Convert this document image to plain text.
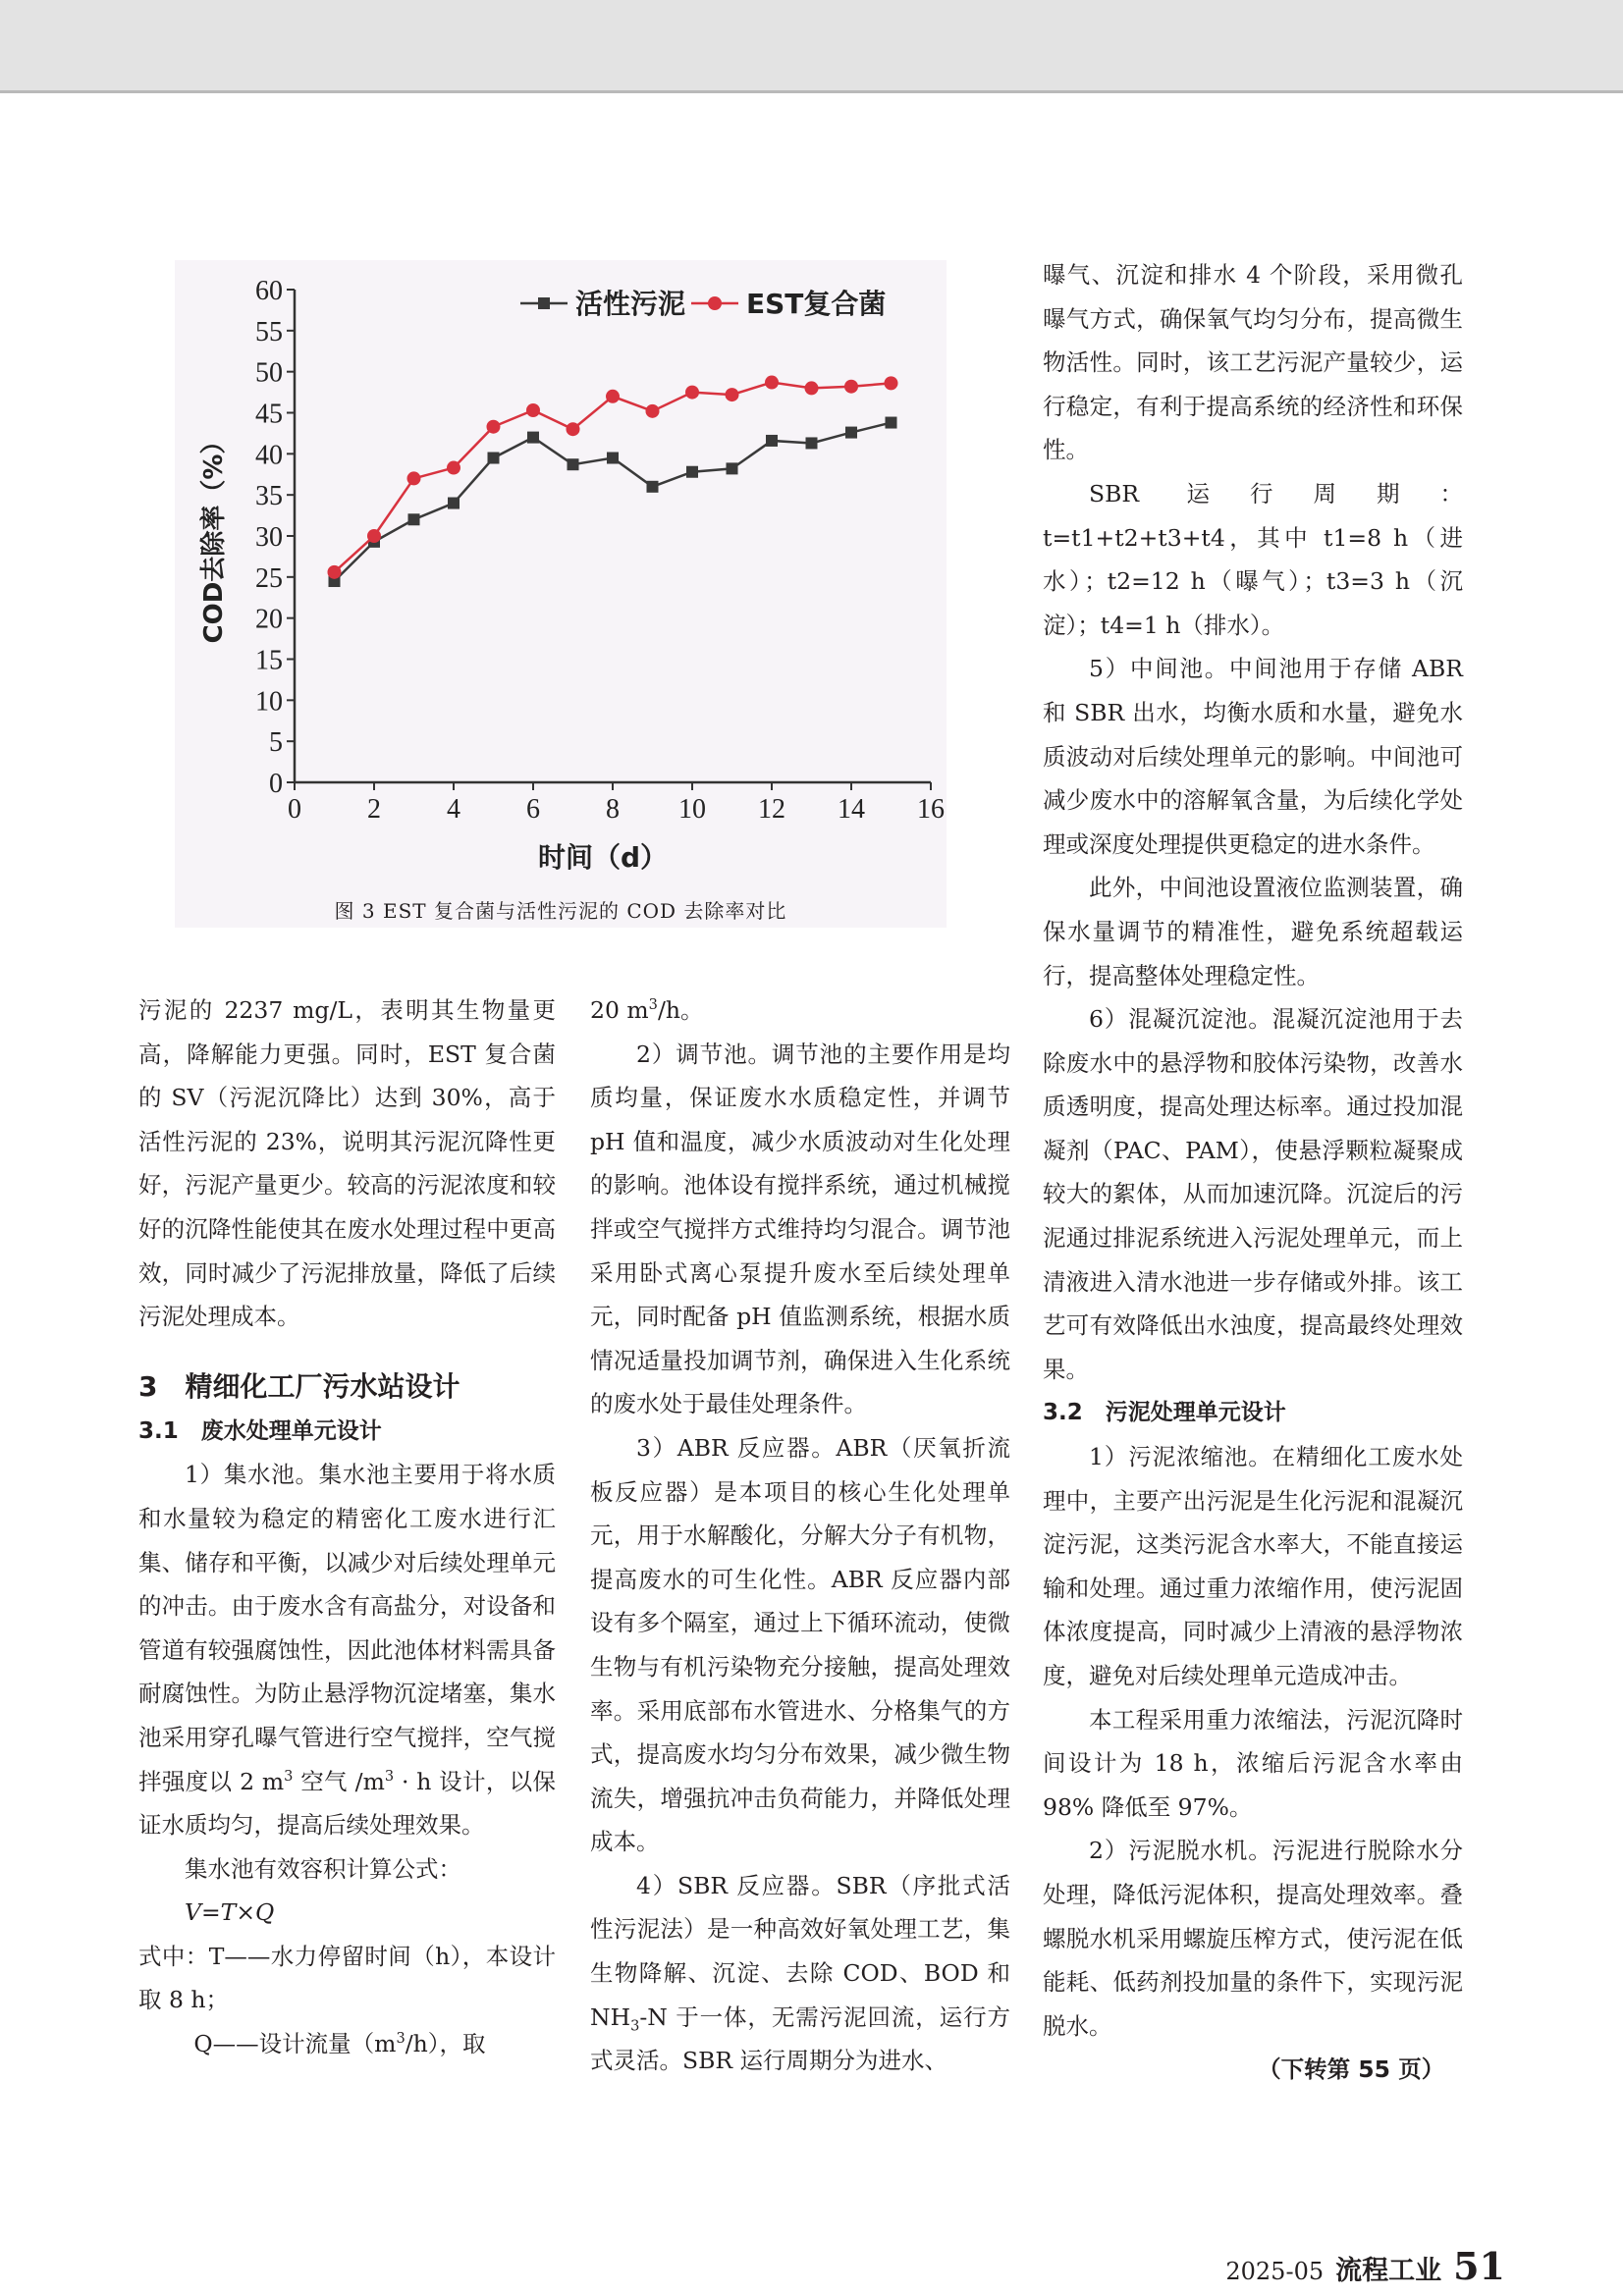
0
5
10
15
20
25
30
35
40
45
50
55
60
0 2 4 6 8 10 12 14 16
时间（d）
COD去除率（%）
活性污泥 EST复合菌
图 3 EST 复合菌与活性污泥的 COD 去除率对比

污泥的 2237 mg/L，表明其生物量更高，降解能力更强。同时，EST 复合菌的 SV（污泥沉降比）达到 30%，高于活性污泥的 23%，说明其污泥沉降性更好，污泥产量更少。较高的污泥浓度和较好的沉降性能使其在废水处理过程中更高效，同时减少了污泥排放量，降低了后续污泥处理成本。

3　精细化工厂污水站设计

3.1　废水处理单元设计

1）集水池。集水池主要用于将水质和水量较为稳定的精密化工废水进行汇集、储存和平衡，以减少对后续处理单元的冲击。由于废水含有高盐分，对设备和管道有较强腐蚀性，因此池体材料需具备耐腐蚀性。为防止悬浮物沉淀堵塞，集水池采用穿孔曝气管进行空气搅拌，空气搅拌强度以 2 $m^3$ 空气 $/m^3 \cdot h$ 设计，以保证水质均匀，提高后续处理效果。

集水池有效容积计算公式：

V=T×Q

式中：T——水力停留时间（h），本设计取 8 h；

Q——设计流量$(m^3/h)$，取

20 $m^3/h$。

2）调节池。调节池的主要作用是均质均量，保证废水水质稳定性，并调节 pH 值和温度，减少水质波动对生化处理的影响。池体设有搅拌系统，通过机械搅拌或空气搅拌方式维持均匀混合。调节池采用卧式离心泵提升废水至后续处理单元，同时配备 pH 值监测系统，根据水质情况适量投加调节剂，确保进入生化系统的废水处于最佳处理条件。

3）ABR 反应器。ABR（厌氧折流板反应器）是本项目的核心生化处理单元，用于水解酸化，分解大分子有机物，提高废水的可生化性。ABR 反应器内部设有多个隔室，通过上下循环流动，使微生物与有机污染物充分接触，提高处理效率。采用底部布水管进水、分格集气的方式，提高废水均匀分布效果，减少微生物流失，增强抗冲击负荷能力，并降低处理成本。

4）SBR 反应器。SBR（序批式活性污泥法）是一种高效好氧处理工艺，集生物降解、沉淀、去除 COD、BOD 和 $NH_3-N$ 于一体，无需污泥回流，运行方式灵活。SBR 运行周期分为进水、

曝气、沉淀和排水 4 个阶段，采用微孔曝气方式，确保氧气均匀分布，提高微生物活性。同时，该工艺污泥产量较少，运行稳定，有利于提高系统的经济性和环保性。

SBR 运行周期：t=t1+t2+t3+t4，其中 t1=8 h（进水）；t2=12 h（曝气）；t3=3 h（沉淀）；t4=1 h（排水）。

5）中间池。中间池用于存储 ABR 和 SBR 出水，均衡水质和水量，避免水质波动对后续处理单元的影响。中间池可减少废水中的溶解氧含量，为后续化学处理或深度处理提供更稳定的进水条件。

此外，中间池设置液位监测装置，确保水量调节的精准性，避免系统超载运行，提高整体处理稳定性。

6）混凝沉淀池。混凝沉淀池用于去除废水中的悬浮物和胶体污染物，改善水质透明度，提高处理达标率。通过投加混凝剂（PAC、PAM），使悬浮颗粒凝聚成较大的絮体，从而加速沉降。沉淀后的污泥通过排泥系统进入污泥处理单元，而上清液进入清水池进一步存储或外排。该工艺可有效降低出水浊度，提高最终处理效果。

3.2　污泥处理单元设计

1）污泥浓缩池。在精细化工废水处理中，主要产出污泥是生化污泥和混凝沉淀污泥，这类污泥含水率大，不能直接运输和处理。通过重力浓缩作用，使污泥固体浓度提高，同时减少上清液的悬浮物浓度，避免对后续处理单元造成冲击。

本工程采用重力浓缩法，污泥沉降时间设计为 18 h，浓缩后污泥含水率由 98% 降低至 97%。

2）污泥脱水机。污泥进行脱除水分处理，降低污泥体积，提高处理效率。叠螺脱水机采用螺旋压榨方式，使污泥在低能耗、低药剂投加量的条件下，实现污泥脱水。

（下转第 55 页）

2025-05 流程工业 51
